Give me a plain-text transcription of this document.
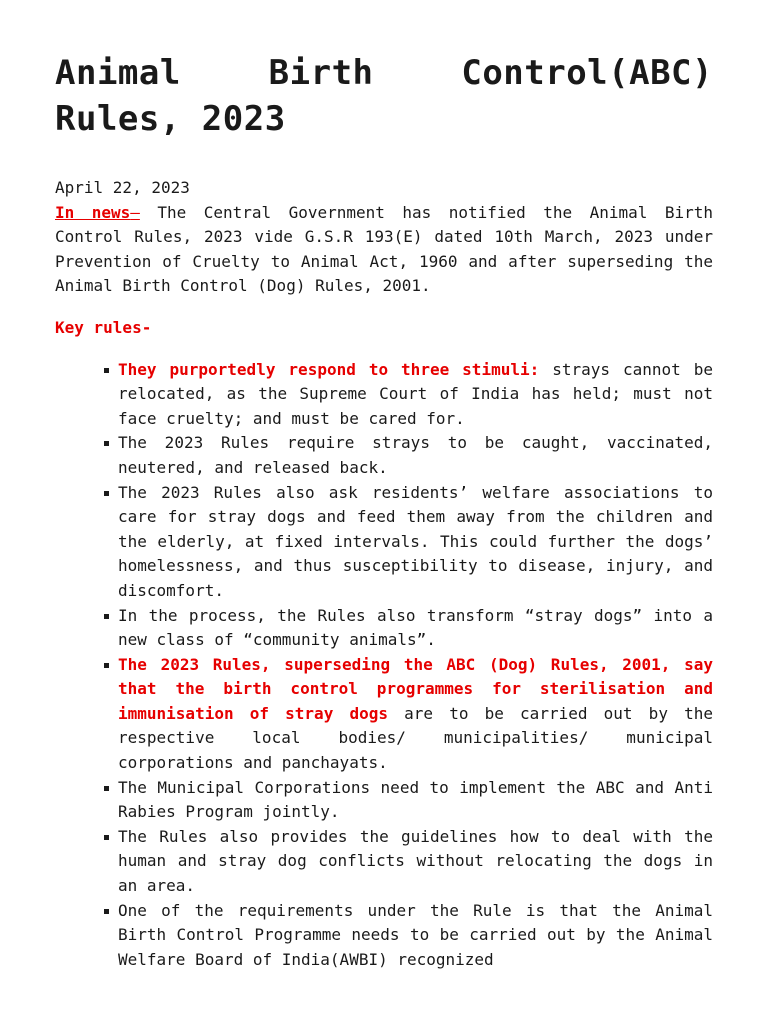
Animal Birth Control(ABC) Rules, 2023
April 22, 2023

In news– The Central Government has notified the Animal Birth Control Rules, 2023 vide G.S.R 193(E) dated 10th March, 2023 under Prevention of Cruelty to Animal Act, 1960 and after superseding the Animal Birth Control (Dog) Rules, 2001.

Key rules-
They purportedly respond to three stimuli: strays cannot be relocated, as the Supreme Court of India has held; must not face cruelty; and must be cared for.
The 2023 Rules require strays to be caught, vaccinated, neutered, and released back.
The 2023 Rules also ask residents’ welfare associations to care for stray dogs and feed them away from the children and the elderly, at fixed intervals. This could further the dogs’ homelessness, and thus susceptibility to disease, injury, and discomfort.
In the process, the Rules also transform “stray dogs” into a new class of “community animals”.
The 2023 Rules, superseding the ABC (Dog) Rules, 2001, say that the birth control programmes for sterilisation and immunisation of stray dogs are to be carried out by the respective local bodies/ municipalities/ municipal corporations and panchayats.
The Municipal Corporations need to implement the ABC and Anti Rabies Program jointly.
The Rules also provides the guidelines how to deal with the human and stray dog conflicts without relocating the dogs in an area.
One of the requirements under the Rule is that the Animal Birth Control Programme needs to be carried out by the Animal Welfare Board of India(AWBI) recognized
